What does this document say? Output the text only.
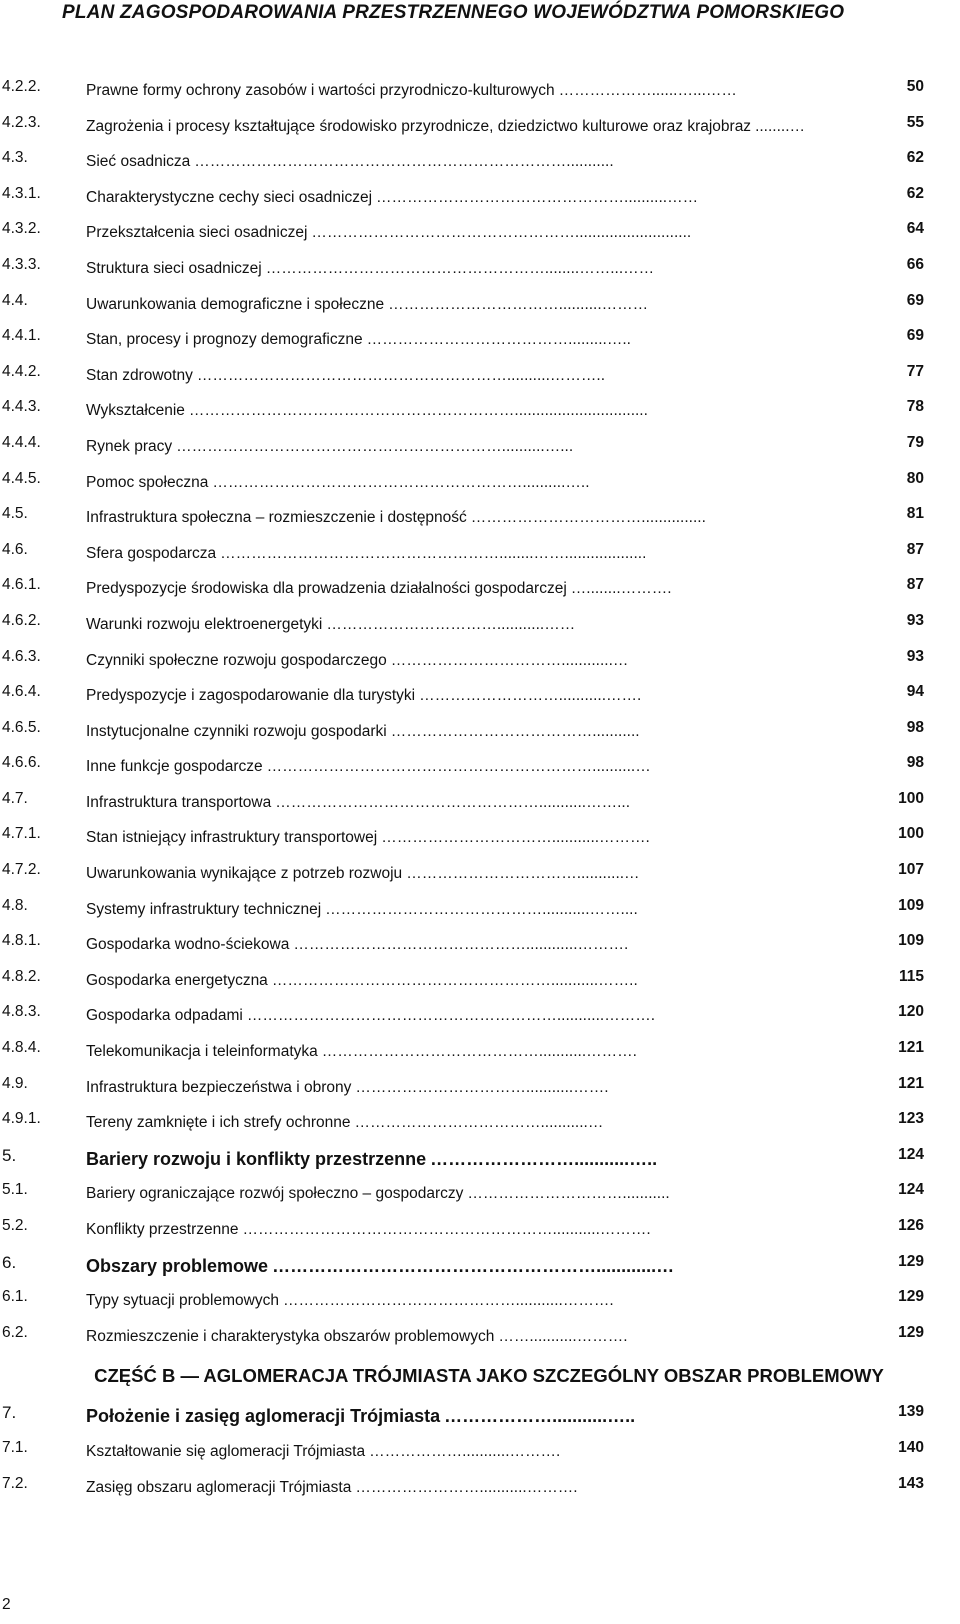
PLAN ZAGOSPODAROWANIA PRZESTRZENNEGO WOJEWÓDZTWA POMORSKIEGO
4.2.2.	Prawne formy ochrony zasobów i wartości przyrodniczo-kulturowych ………………......…...……	50
4.2.3.	Zagrożenia i procesy kształtujące środowisko przyrodnicze, dziedzictwo kulturowe oraz krajobraz ........…	55
4.3.	Sieć osadnicza ………………………………………………………………...........	62
4.3.1.	Charakterystyczne cechy sieci osadniczej …………………………………………..........……	62
4.3.2.	Przekształcenia sieci osadniczej ……………………………………………...........................	64
4.3.3.	Struktura sieci osadniczej ………………………………………………........……...……	66
4.4.	Uwarunkowania demograficzne i społeczne ……………………………..........………	69
4.4.1.	Stan, procesy i prognozy demograficzne ………………………………….........…..	69
4.4.2.	Stan zdrowotny ……………………………………………………..........………..	77
4.4.3.	Wykształcenie ………………………………………………………...............................	78
4.4.4.	Rynek pracy ………………………………………………………..........…...	79
4.4.5.	Pomoc społeczna ……………………………………………………..........…..	80
4.5.	Infrastruktura społeczna – rozmieszczenie i dostępność ……………………………...............	81
4.6.	Sfera gospodarcza ………………………………………………........……...................	87
4.6.1.	Predyspozycje środowiska dla prowadzenia działalności gospodarczej …........……….	87
4.6.2.	Warunki rozwoju elektroenergetyki ……………………………...........……	93
4.6.3.	Czynniki społeczne rozwoju gospodarczego ……………………………............…	93
4.6.4.	Predyspozycje i zagospodarowanie dla turystyki ………………………...........…….	94
4.6.5.	Instytucjonalne czynniki rozwoju gospodarki …………………………………...........	98
4.6.6.	Inne funkcje gospodarcze ………………………………………………………..........…	98
4.7.	Infrastruktura transportowa ……………………………………………...........……...	100
4.7.1.	Stan istniejący infrastruktury transportowej ……………………………...........……….	100
4.7.2.	Uwarunkowania wynikające z potrzeb rozwoju ……………………………...........…	107
4.8.	Systemy infrastruktury technicznej ……………………………………...........……....	109
4.8.1.	Gospodarka wodno-ściekowa ………………………………………............……….	109
4.8.2.	Gospodarka energetyczna ………………………………………………...........……..	115
4.8.3.	Gospodarka odpadami ……………………………………………………...........……….	120
4.8.4.	Telekomunikacja i teleinformatyka ……………………………………...........……….	121
4.9.	Infrastruktura bezpieczeństwa i obrony ……………………………...........…….	121
4.9.1.	Tereny zamknięte i ich strefy ochronne ………………………………...........…	123
5.	Bariery rozwoju i konflikty przestrzenne ……………………...........…..	124
5.1.	Bariery ograniczające rozwój społeczno – gospodarczy …………………………...........	124
5.2.	Konflikty przestrzenne ……………………………………………………...........……….	126
6.	Obszary problemowe ………………………………………………............…	129
6.1.	Typy sytuacji problemowych ………………………………………...........……….	129
6.2.	Rozmieszczenie i charakterystyka obszarów problemowych ……...........……….	129
CZĘŚĆ B — AGLOMERACJA TRÓJMIASTA JAKO SZCZEGÓLNY OBSZAR PROBLEMOWY
7.	Położenie i zasięg aglomeracji Trójmiasta ………………...........…..	139
7.1.	Kształtowanie się aglomeracji Trójmiasta ………………...........……….	140
7.2.	Zasięg obszaru aglomeracji Trójmiasta ……………………...........……….	143
2
